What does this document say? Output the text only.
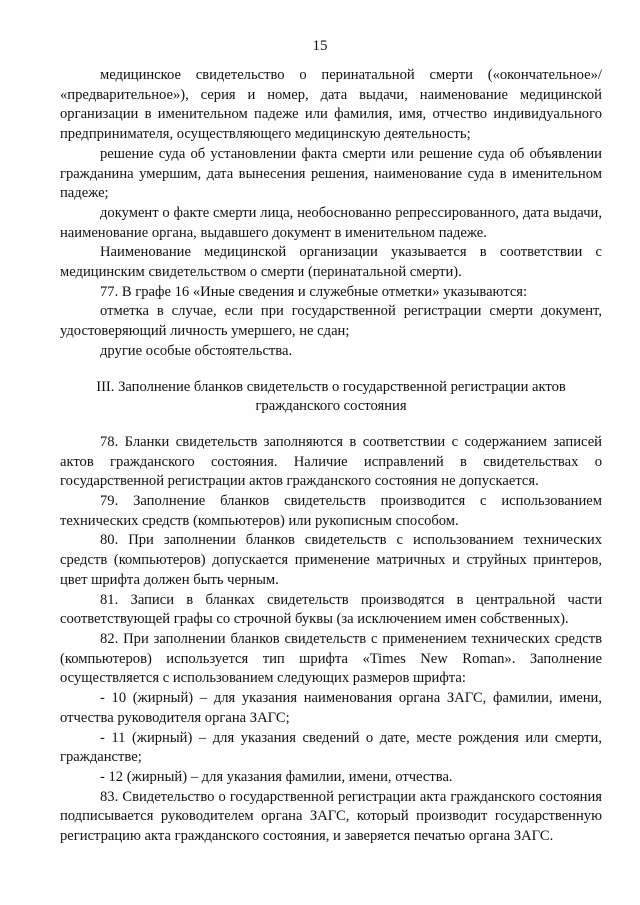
15

медицинское свидетельство о перинатальной смерти («окончательное»/ «предварительное»), серия и номер, дата выдачи, наименование медицинской организации в именительном падеже или фамилия, имя, отчество индивидуального предпринимателя, осуществляющего медицинскую деятельность;

решение суда об установлении факта смерти или решение суда об объявлении гражданина умершим, дата вынесения решения, наименование суда в именительном падеже;

документ о факте смерти лица, необоснованно репрессированного, дата выдачи, наименование органа, выдавшего документ в именительном падеже.

Наименование медицинской организации указывается в соответствии с медицинским свидетельством о смерти (перинатальной смерти).

77. В графе 16 «Иные сведения и служебные отметки» указываются:

отметка в случае, если при государственной регистрации смерти документ, удостоверяющий личность умершего, не сдан;

другие особые обстоятельства.

III. Заполнение бланков свидетельств о государственной регистрации актов гражданского состояния

78. Бланки свидетельств заполняются в соответствии с содержанием записей актов гражданского состояния. Наличие исправлений в свидетельствах о государственной регистрации актов гражданского состояния не допускается.

79. Заполнение бланков свидетельств производится с использованием технических средств (компьютеров) или рукописным способом.

80. При заполнении бланков свидетельств с использованием технических средств (компьютеров) допускается применение матричных и струйных принтеров, цвет шрифта должен быть черным.

81. Записи в бланках свидетельств производятся в центральной части соответствующей графы со строчной буквы (за исключением имен собственных).

82. При заполнении бланков свидетельств с применением технических средств (компьютеров) используется тип шрифта «Times New Roman». Заполнение осуществляется с использованием следующих размеров шрифта:

- 10 (жирный) – для указания наименования органа ЗАГС, фамилии, имени, отчества руководителя органа ЗАГС;

- 11 (жирный) – для указания сведений о дате, месте рождения или смерти, гражданстве;

- 12 (жирный) – для указания фамилии, имени, отчества.

83. Свидетельство о государственной регистрации акта гражданского состояния подписывается руководителем органа ЗАГС, который производит государственную регистрацию акта гражданского состояния, и заверяется печатью органа ЗАГС.
